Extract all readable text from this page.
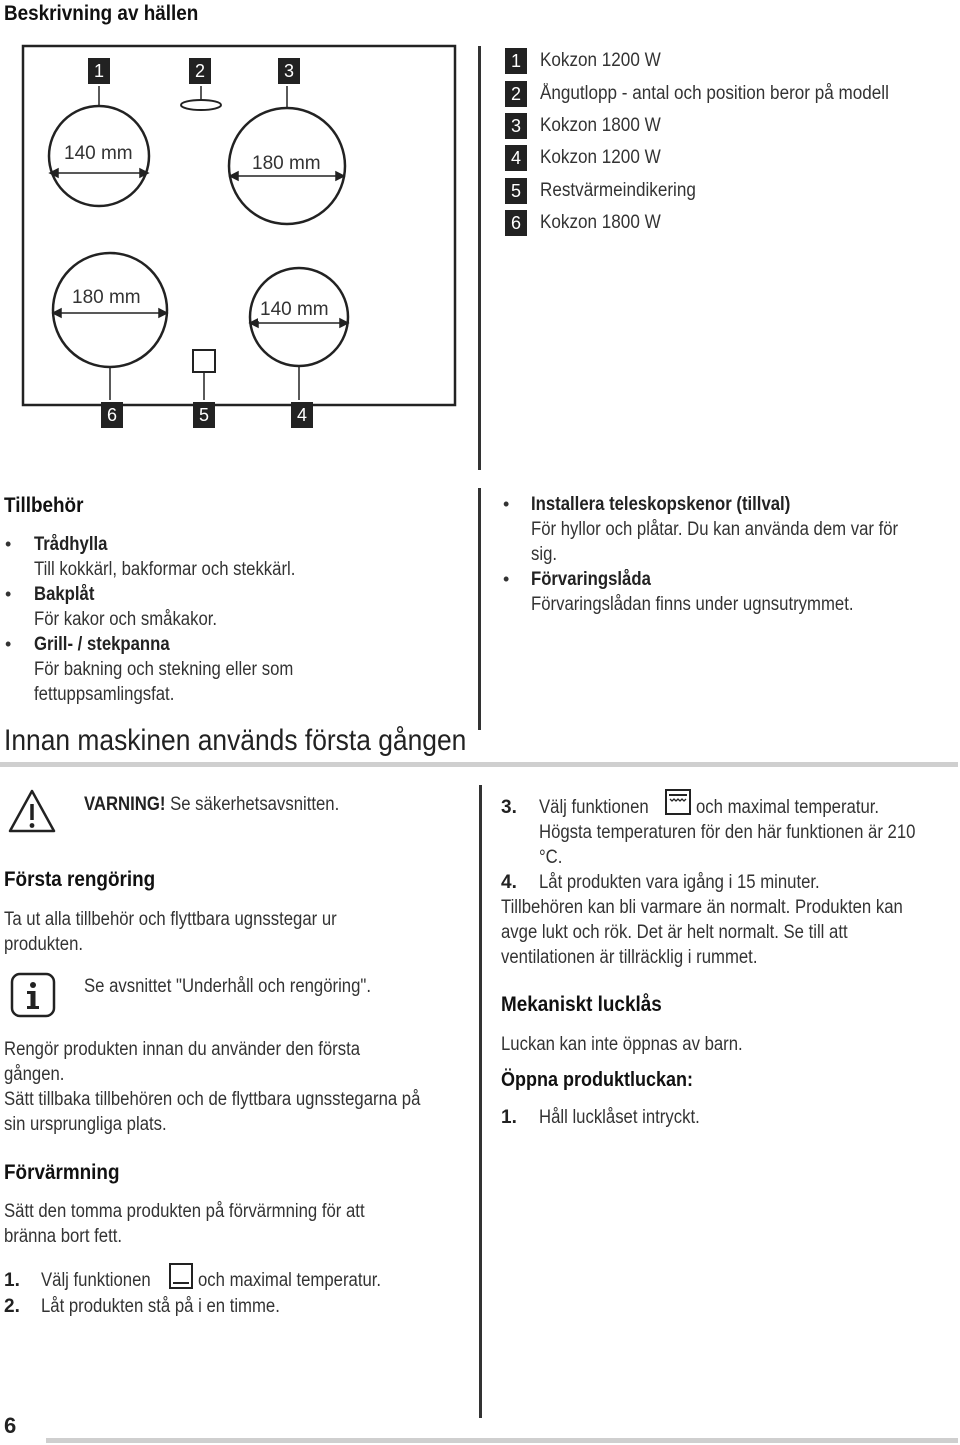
Beskrivning av hällen
140 mm	180 mm
180 mm
140 mm
1	2	3
6	5	4
1	Kokzon 1200 W
2	Ångutlopp - antal och position beror på modell
3	Kokzon 1800 W
4	Kokzon 1200 W
5	Restvärmeindikering
6	Kokzon 1800 W
Tillbehör
• Trådhylla
Till kokkärl, bakformar och stekkärl.
• Bakplåt
För kakor och småkakor.
• Grill- / stekpanna
För bakning och stekning eller som
fettuppsamlingsfat.
• Installera teleskopskenor (tillval)
För hyllor och plåtar. Du kan använda dem var för
sig.
• Förvaringslåda
Förvaringslådan finns under ugnsutrymmet.
Innan maskinen används första gången
VARNING! Se säkerhetsavsnitten.
Första rengöring
Ta ut alla tillbehör och flyttbara ugnsstegar ur
produkten.
Se avsnittet "Underhåll och rengöring".
Rengör produkten innan du använder den första
gången.
Sätt tillbaka tillbehören och de flyttbara ugnsstegarna på
sin ursprungliga plats.
Förvärmning
Sätt den tomma produkten på förvärmning för att
bränna bort fett.
1. Välj funktionen och maximal temperatur.
2. Låt produkten stå på i en timme.
3. Välj funktionen och maximal temperatur.
Högsta temperaturen för den här funktionen är 210
°C.
4. Låt produkten vara igång i 15 minuter.
Tillbehören kan bli varmare än normalt. Produkten kan
avge lukt och rök. Det är helt normalt. Se till att
ventilationen är tillräcklig i rummet.
Mekaniskt lucklås
Luckan kan inte öppnas av barn.
Öppna produktluckan:
1. Håll lucklåset intryckt.
6
